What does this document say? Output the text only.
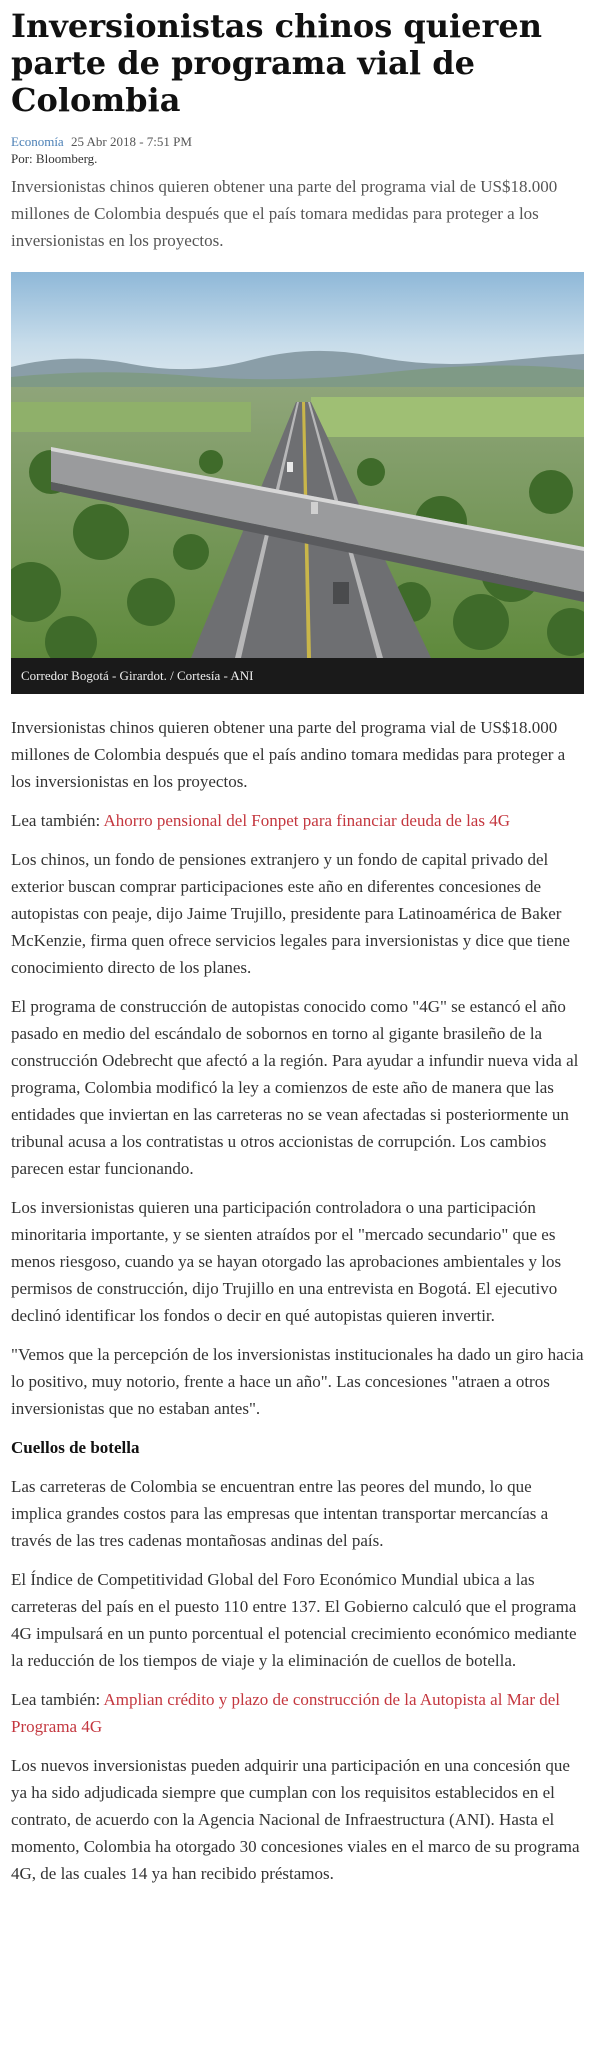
Inversionistas chinos quieren parte de programa vial de Colombia
Economía 25 Abr 2018 - 7:51 PM
Por: Bloomberg.
Inversionistas chinos quieren obtener una parte del programa vial de US$18.000 millones de Colombia después que el país tomara medidas para proteger a los inversionistas en los proyectos.
Corredor Bogotá - Girardot. / Cortesía - ANI

Inversionistas chinos quieren obtener una parte del programa vial de US$18.000 millones de Colombia después que el país andino tomara medidas para proteger a los inversionistas en los proyectos.

Lea también: Ahorro pensional del Fonpet para financiar deuda de las 4G

Los chinos, un fondo de pensiones extranjero y un fondo de capital privado del exterior buscan comprar participaciones este año en diferentes concesiones de autopistas con peaje, dijo Jaime Trujillo, presidente para Latinoamérica de Baker McKenzie, firma quen ofrece servicios legales para inversionistas y dice que tiene conocimiento directo de los planes.

El programa de construcción de autopistas conocido como "4G" se estancó el año pasado en medio del escándalo de sobornos en torno al gigante brasileño de la construcción Odebrecht que afectó a la región. Para ayudar a infundir nueva vida al programa, Colombia modificó la ley a comienzos de este año de manera que las entidades que inviertan en las carreteras no se vean afectadas si posteriormente un tribunal acusa a los contratistas u otros accionistas de corrupción. Los cambios parecen estar funcionando.

Los inversionistas quieren una participación controladora o una participación minoritaria importante, y se sienten atraídos por el "mercado secundario" que es menos riesgoso, cuando ya se hayan otorgado las aprobaciones ambientales y los permisos de construcción, dijo Trujillo en una entrevista en Bogotá. El ejecutivo declinó identificar los fondos o decir en qué autopistas quieren invertir.

"Vemos que la percepción de los inversionistas institucionales ha dado un giro hacia lo positivo, muy notorio, frente a hace un año". Las concesiones "atraen a otros inversionistas que no estaban antes".

Cuellos de botella

Las carreteras de Colombia se encuentran entre las peores del mundo, lo que implica grandes costos para las empresas que intentan transportar mercancías a través de las tres cadenas montañosas andinas del país.

El Índice de Competitividad Global del Foro Económico Mundial ubica a las carreteras del país en el puesto 110 entre 137. El Gobierno calculó que el programa 4G impulsará en un punto porcentual el potencial crecimiento económico mediante la reducción de los tiempos de viaje y la eliminación de cuellos de botella.

Lea también: Amplian crédito y plazo de construcción de la Autopista al Mar del Programa 4G

Los nuevos inversionistas pueden adquirir una participación en una concesión que ya ha sido adjudicada siempre que cumplan con los requisitos establecidos en el contrato, de acuerdo con la Agencia Nacional de Infraestructura (ANI). Hasta el momento, Colombia ha otorgado 30 concesiones viales en el marco de su programa 4G, de las cuales 14 ya han recibido préstamos.
